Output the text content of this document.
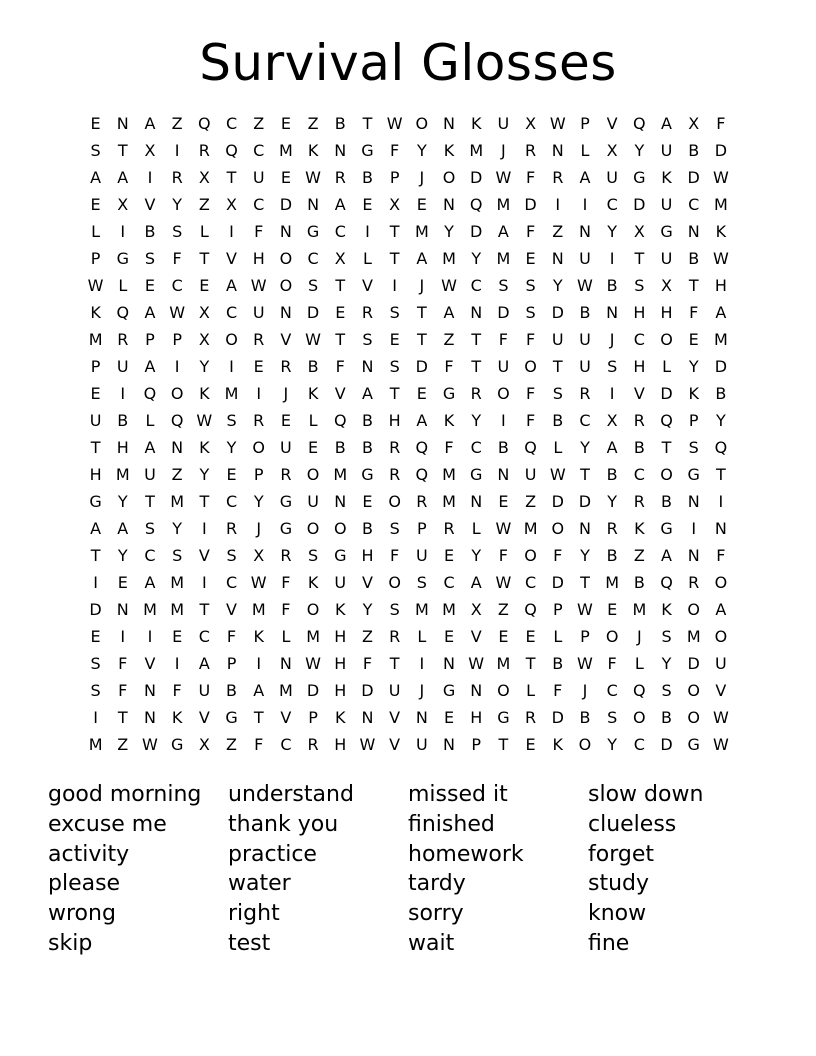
Survival Glosses
E N A Z Q C Z E Z B T W O N K U X W P V Q A X F
S T X I R Q C M K N G F Y K M J R N L X Y U B D
A A I R X T U E W R B P J O D W F R A U G K D W
E X V Y Z X C D N A E X E N Q M D I I C D U C M
L I B S L I F N G C I T M Y D A F Z N Y X G N K
P G S F T V H O C X L T A M Y M E N U I T U B W
W L E C E A W O S T V I J W C S S Y W B S X T H
K Q A W X C U N D E R S T A N D S D B N H H F A
M R P P X O R V W T S E T Z T F F U U J C O E M
P U A I Y I E R B F N S D F T U O T U S H L Y D
E I Q O K M I J K V A T E G R O F S R I V D K B
U B L Q W S R E L Q B H A K Y I F B C X R Q P Y
T H A N K Y O U E B B R Q F C B Q L Y A B T S Q
H M U Z Y E P R O M G R Q M G N U W T B C O G T
G Y T M T C Y G U N E O R M N E Z D D Y R B N I
A A S Y I R J G O O B S P R L W M O N R K G I N
T Y C S V S X R S G H F U E Y F O F Y B Z A N F
I E A M I C W F K U V O S C A W C D T M B Q R O
D N M M T V M F O K Y S M M X Z Q P W E M K O A
E I I E C F K L M H Z R L E V E E L P O J S M O
S F V I A P I N W H F T I N W M T B W F L Y D U
S F N F U B A M D H D U J G N O L F J C Q S O V
I T N K V G T V P K N V N E H G R D B S O B O W
M Z W G X Z F C R H W V U N P T E K O Y C D G W
good morning
excuse me
activity
please
wrong
skip
understand
thank you
practice
water
right
test
missed it
finished
homework
tardy
sorry
wait
slow down
clueless
forget
study
know
fine
